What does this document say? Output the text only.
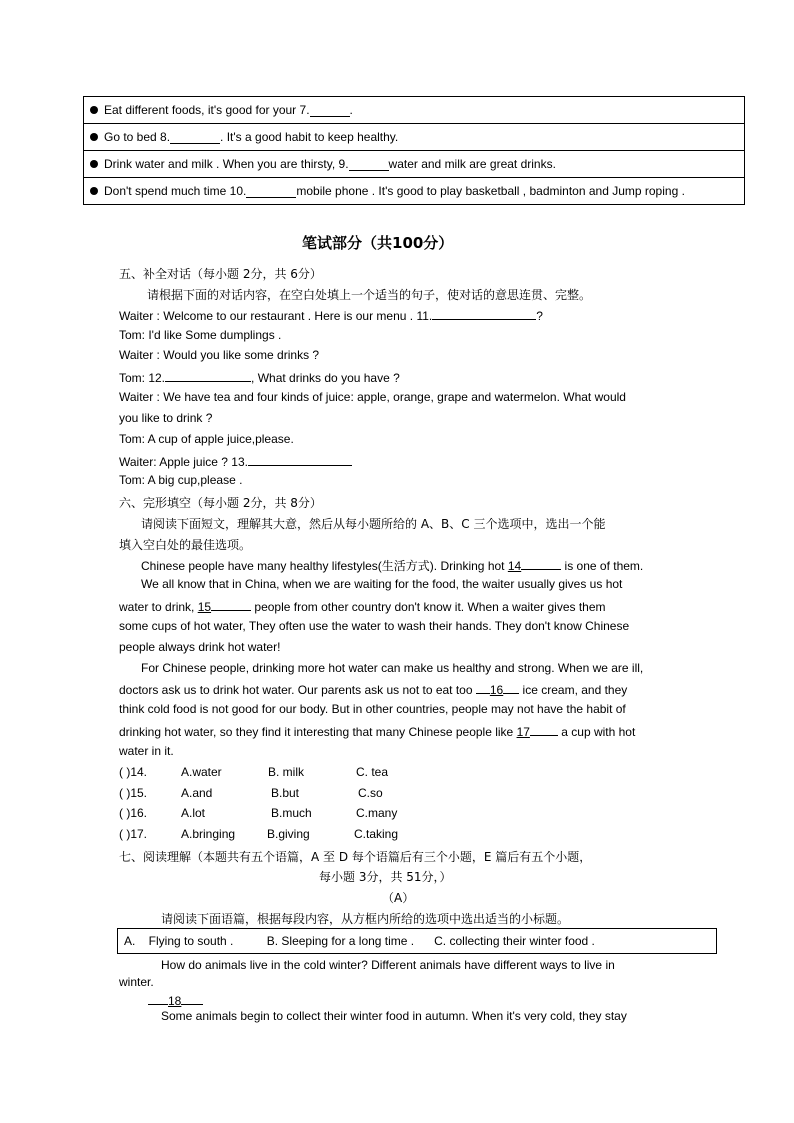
Eat different foods, it's good for your 7.	.
Go to bed 8.	. It's a good habit to keep healthy.
Drink water and milk . When you are thirsty, 9.	water and milk are great drinks.
Don't spend much time 10.	mobile phone . It's good to play basketball , badminton and Jump roping .
笔试部分（共100分）
五、补全对话（每小题 2分，共 6分）
请根据下面的对话内容，在空白处填上一个适当的句子，使对话的意思连贯、完整。
Waiter : Welcome to our restaurant . Here is our menu . 11.	?
Tom: I'd like Some dumplings .
Waiter : Would you like some drinks ?
Tom: 12.	, What drinks do you have ?
Waiter : We have tea and four kinds of juice: apple, orange, grape and watermelon. What would
you like to drink ?
Tom: A cup of apple juice,please.
Waiter: Apple juice ? 13.
Tom: A big cup,please .
六、完形填空（每小题 2分，共 8分）
请阅读下面短文，理解其大意，然后从每小题所给的 A、B、C 三个选项中，选出一个能
填入空白处的最佳选项。
Chinese people have many healthy lifestyles(生活方式). Drinking hot 14	is one of them.
We all know that in China, when we are waiting for the food, the waiter usually gives us hot
water to drink, 15	people from other country don't know it. When a waiter gives them
some cups of hot water, They often use the water to wash their hands. They don't know Chinese
people always drink hot water!
For Chinese people, drinking more hot water can make us healthy and strong. When we are ill,
doctors ask us to drink hot water. Our parents ask us not to eat too 16 ice cream, and they
think cold food is not good for our body. But in other countries, people may not have the habit of
drinking hot water, so they find it interesting that many Chinese people like 17 a cup with hot
water in it.
( )14.	A.water	B. milk	C. tea
( )15.	A.and	B.but	C.so
( )16.	A.lot	B.much	C.many
( )17.	A.bringing	B.giving	C.taking
七、阅读理解（本题共有五个语篇，A 至 D 每个语篇后有三个小题，E 篇后有五个小题，
每小题 3分，共 51分，）
（A）
请阅读下面语篇，根据每段内容，从方框内所给的选项中选出适当的小标题。
A.    Flying to south .          B. Sleeping for a long time .      C. collecting their winter food .
How do animals live in the cold winter? Different animals have different ways to live in
winter.
18
Some animals begin to collect their winter food in autumn. When it's very cold, they stay
